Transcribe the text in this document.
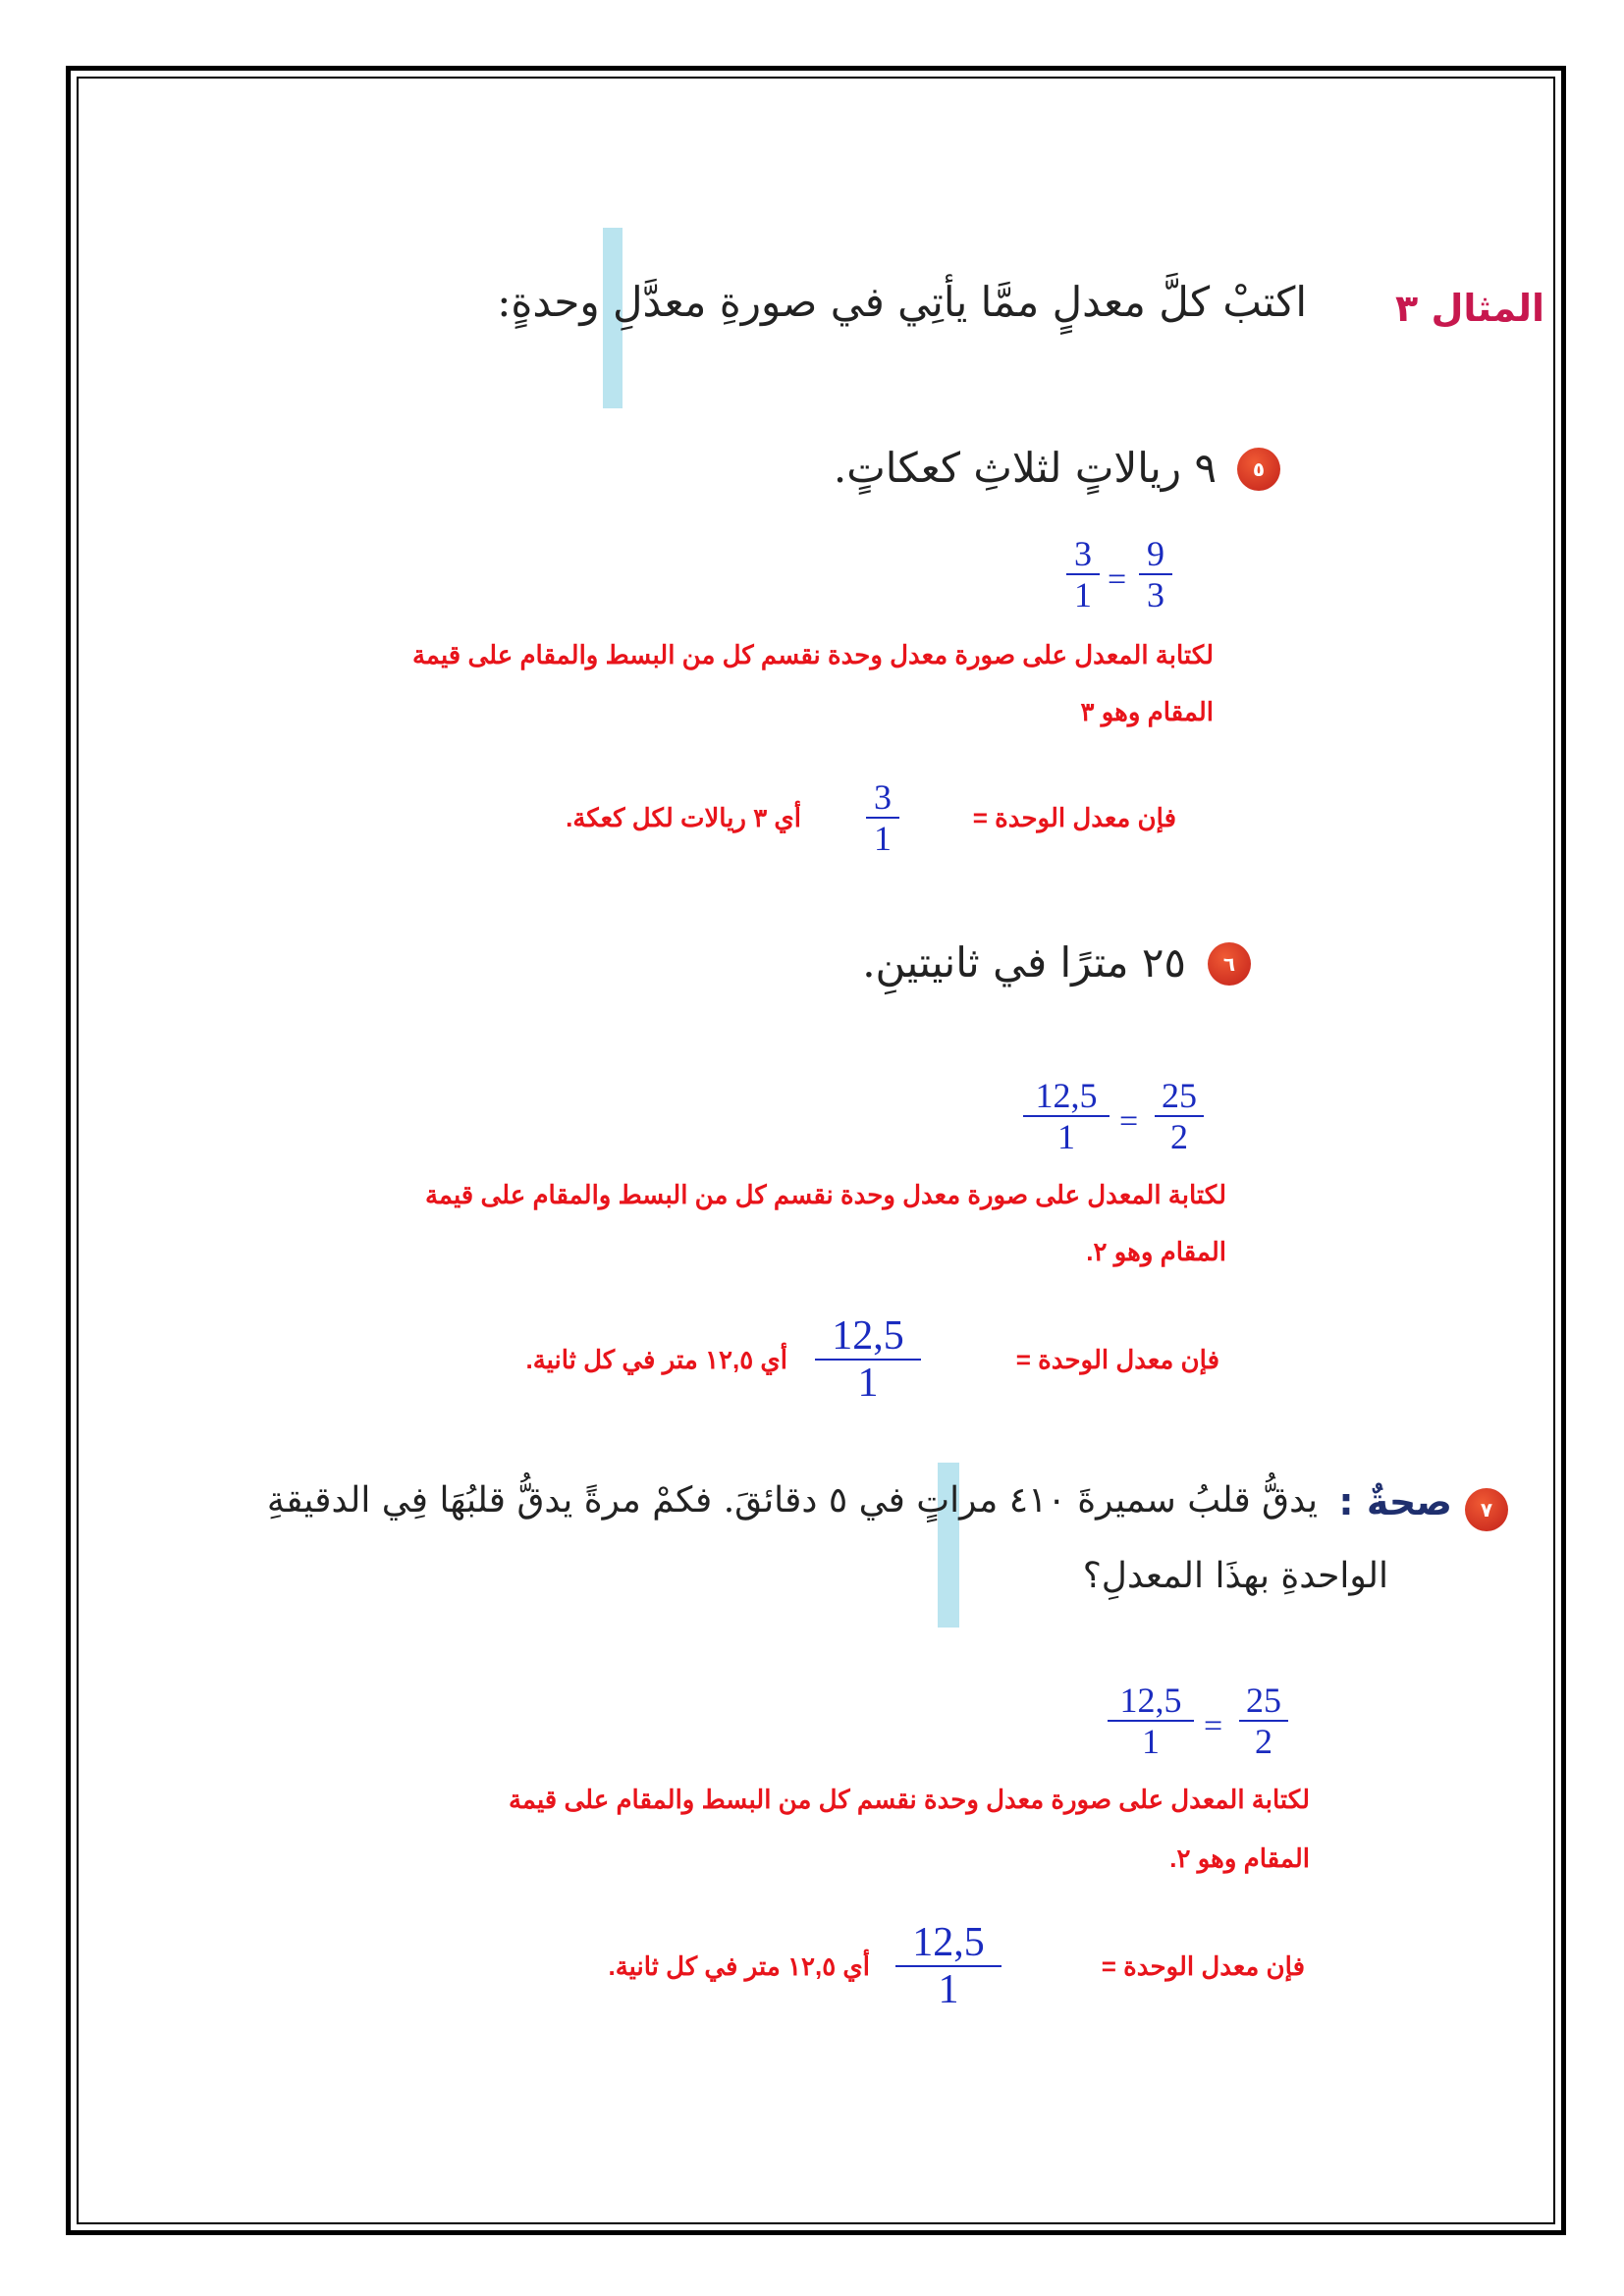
المثال ٣
اكتبْ كلَّ معدلٍ ممَّا يأتِي في صورةِ معدَّلِ وحدةٍ:
٥
٩ ريالاتٍ لثلاثِ كعكاتٍ.
3
1 =
9
3
لكتابة المعدل على صورة معدل وحدة نقسم كل من البسط والمقام على قيمة
المقام وهو ٣
فإن معدل الوحدة =
3
1
أي ٣ ريالات لكل كعكة.
٦
٢٥ مترًا في ثانيتينِ.
12,5
1 =
25
2
لكتابة المعدل على صورة معدل وحدة نقسم كل من البسط والمقام على قيمة
المقام وهو ٢.
فإن معدل الوحدة =
12,5
1
أي ١٢,٥ متر في كل ثانية.
٧
صحةٌ :
يدقُّ قلبُ سميرةَ ٤١٠ مراتٍ في ٥ دقائقَ. فكمْ مرةً يدقُّ قلبُهَا فِي الدقيقةِ
الواحدةِ بهذَا المعدلِ؟
12,5
1 =
25
2
لكتابة المعدل على صورة معدل وحدة نقسم كل من البسط والمقام على قيمة
المقام وهو ٢.
فإن معدل الوحدة =
12,5
1
أي ١٢,٥ متر في كل ثانية.
